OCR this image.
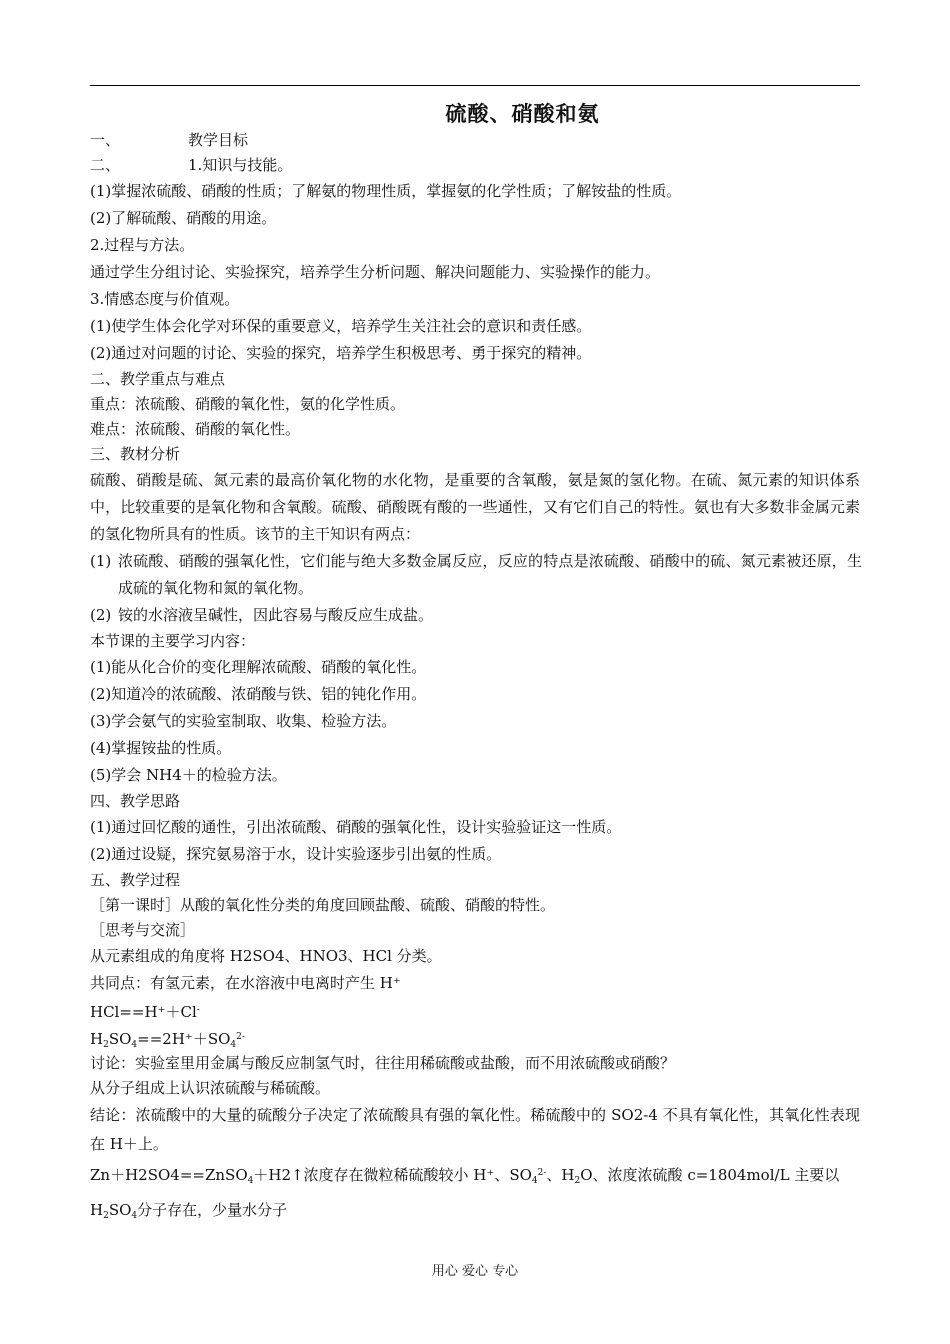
硫酸、硝酸和氨
一、	教学目标
二、	1.知识与技能。
(1)掌握浓硫酸、硝酸的性质；了解氨的物理性质，掌握氨的化学性质；了解铵盐的性质。
(2)了解硫酸、硝酸的用途。
2.过程与方法。
通过学生分组讨论、实验探究，培养学生分析问题、解决问题能力、实验操作的能力。
3.情感态度与价值观。
(1)使学生体会化学对环保的重要意义，培养学生关注社会的意识和责任感。
(2)通过对问题的讨论、实验的探究，培养学生积极思考、勇于探究的精神。
二、教学重点与难点
重点：浓硫酸、硝酸的氧化性，氨的化学性质。
难点：浓硫酸、硝酸的氧化性。
三、教材分析
硫酸、硝酸是硫、氮元素的最高价氧化物的水化物，是重要的含氧酸，氨是氮的氢化物。在硫、氮元素的知识体系中，比较重要的是氧化物和含氧酸。硫酸、硝酸既有酸的一些通性，又有它们自己的特性。氨也有大多数非金属元素的氢化物所具有的性质。该节的主干知识有两点：
(1) 浓硫酸、硝酸的强氧化性，它们能与绝大多数金属反应，反应的特点是浓硫酸、硝酸中的硫、氮元素被还原，生成硫的氧化物和氮的氧化物。
(2) 铵的水溶液呈碱性，因此容易与酸反应生成盐。
本节课的主要学习内容：
(1)能从化合价的变化理解浓硫酸、硝酸的氧化性。
(2)知道冷的浓硫酸、浓硝酸与铁、铝的钝化作用。
(3)学会氨气的实验室制取、收集、检验方法。
(4)掌握铵盐的性质。
(5)学会 NH4＋的检验方法。
四、教学思路
(1)通过回忆酸的通性，引出浓硫酸、硝酸的强氧化性，设计实验验证这一性质。
(2)通过设疑，探究氨易溶于水，设计实验逐步引出氨的性质。
五、教学过程
［第一课时］从酸的氧化性分类的角度回顾盐酸、硫酸、硝酸的特性。
［思考与交流］
从元素组成的角度将 H2SO4、HNO3、HCl 分类。
共同点：有氢元素，在水溶液中电离时产生 H⁺
HCl==H⁺＋Cl-
$H_2SO_4==2H^++SO_4^{2-}$
讨论：实验室里用金属与酸反应制氢气时，往往用稀硫酸或盐酸，而不用浓硫酸或硝酸？
从分子组成上认识浓硫酸与稀硫酸。
结论：浓硫酸中的大量的硫酸分子决定了浓硫酸具有强的氧化性。稀硫酸中的 SO2-4 不具有氧化性，其氧化性表现在 H＋上。
Zn＋H2SO4==ZnSO$_4$＋H2↑浓度存在微粒稀硫酸较小 H⁺、$SO_4^{2-}$、$H_2O$、浓度浓硫酸 c=1804mol/L 主要以
$H_2SO_4$分子存在，少量水分子
用心 爱心 专心
